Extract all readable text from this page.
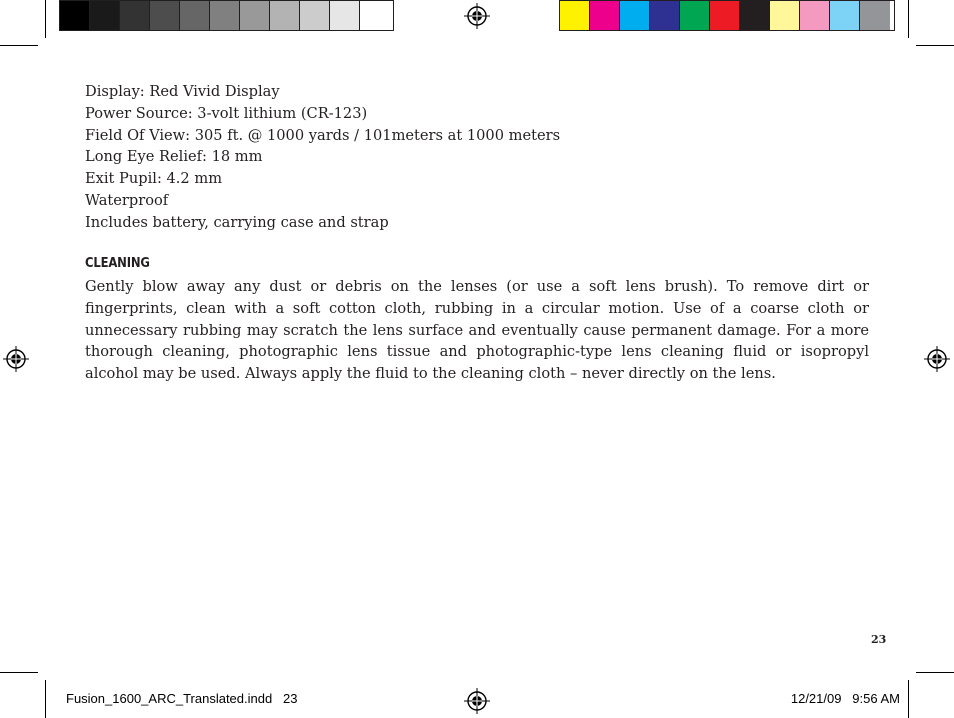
Display: Red Vivid Display
Power Source: 3-volt lithium (CR-123)
Field Of View: 305 ft. @ 1000 yards / 101meters at 1000 meters
Long Eye Relief: 18 mm
Exit Pupil: 4.2 mm
Waterproof
Includes battery, carrying case and strap
CLEANING

Gently blow away any dust or debris on the lenses (or use a soft lens brush). To remove dirt or fingerprints, clean with a soft cotton cloth, rubbing in a circular motion. Use of a coarse cloth or unnecessary rubbing may scratch the lens surface and eventually cause permanent damage. For a more thorough cleaning, photographic lens tissue and photographic-type lens cleaning fluid or isopropyl alcohol may be used. Always apply the fluid to the cleaning cloth – never directly on the lens.

23
Fusion_1600_ARC_Translated.indd   23	12/21/09   9:56 AM
